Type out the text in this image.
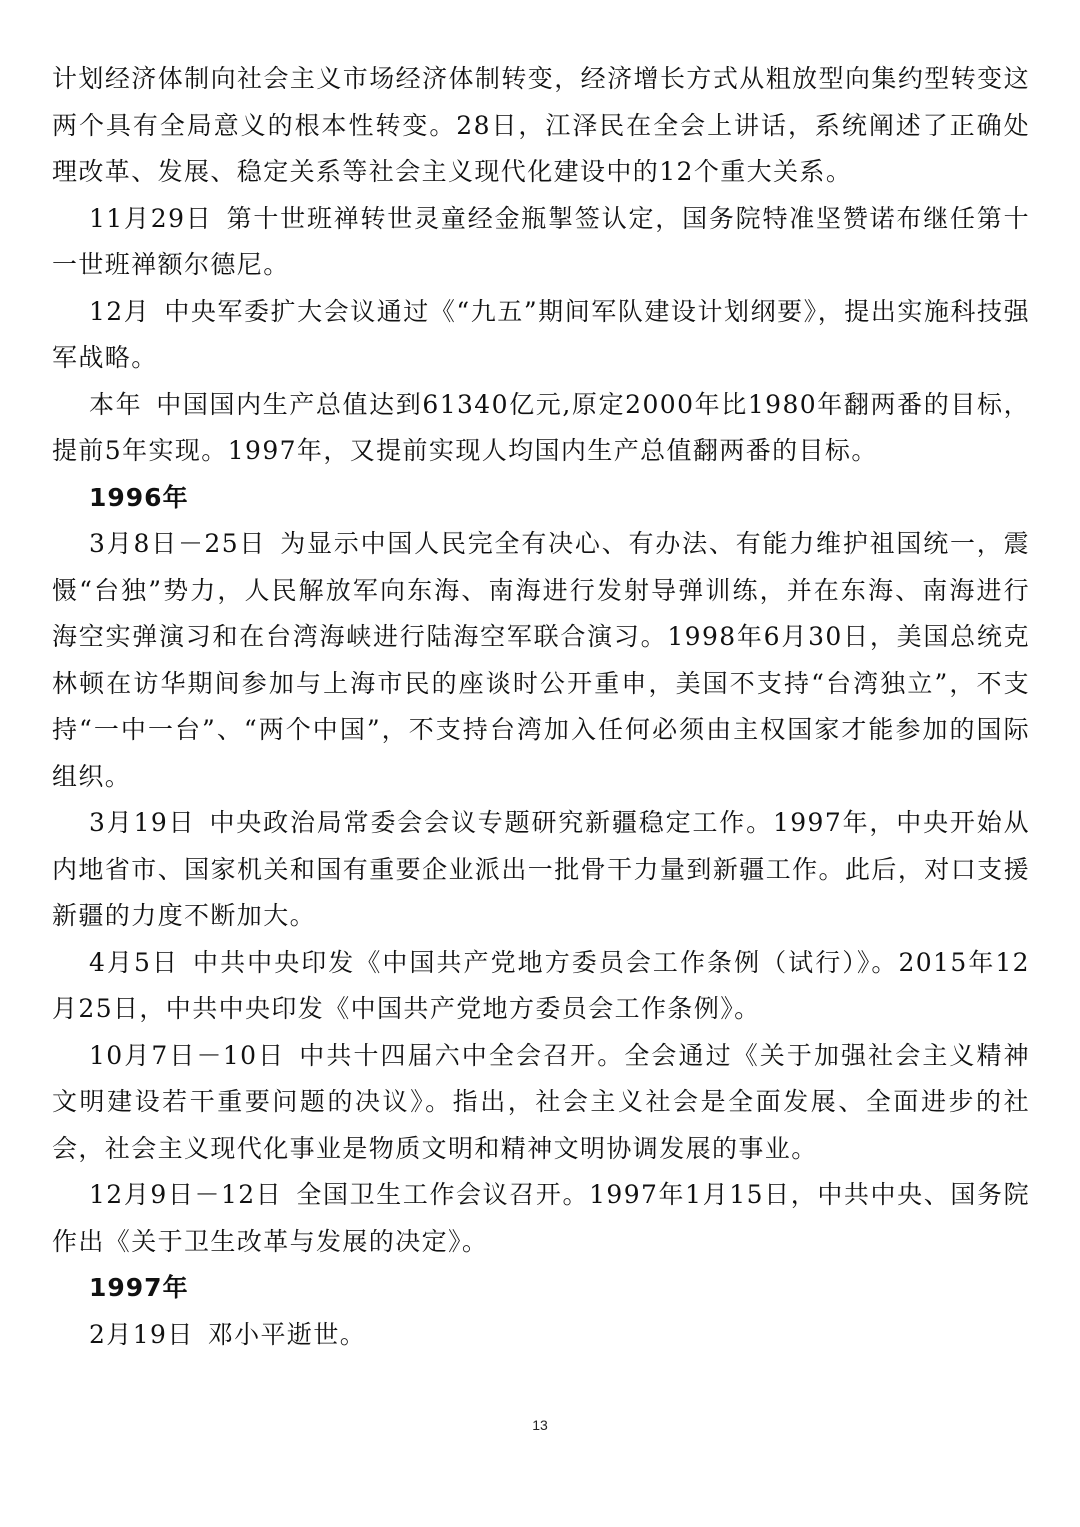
计划经济体制向社会主义市场经济体制转变，经济增长方式从粗放型向集约型转变这两个具有全局意义的根本性转变。28日，江泽民在全会上讲话，系统阐述了正确处理改革、发展、稳定关系等社会主义现代化建设中的12个重大关系。

11月29日 第十世班禅转世灵童经金瓶掣签认定，国务院特准坚赞诺布继任第十一世班禅额尔德尼。

12月 中央军委扩大会议通过《“九五”期间军队建设计划纲要》，提出实施科技强军战略。

本年 中国国内生产总值达到61340亿元,原定2000年比1980年翻两番的目标，提前5年实现。1997年，又提前实现人均国内生产总值翻两番的目标。

1996年

3月8日－25日 为显示中国人民完全有决心、有办法、有能力维护祖国统一，震慑“台独”势力，人民解放军向东海、南海进行发射导弹训练，并在东海、南海进行海空实弹演习和在台湾海峡进行陆海空军联合演习。1998年6月30日，美国总统克林顿在访华期间参加与上海市民的座谈时公开重申，美国不支持“台湾独立”，不支持“一中一台”、“两个中国”，不支持台湾加入任何必须由主权国家才能参加的国际组织。

3月19日 中央政治局常委会会议专题研究新疆稳定工作。1997年，中央开始从内地省市、国家机关和国有重要企业派出一批骨干力量到新疆工作。此后，对口支援新疆的力度不断加大。

4月5日 中共中央印发《中国共产党地方委员会工作条例（试行）》。2015年12月25日，中共中央印发《中国共产党地方委员会工作条例》。

10月7日－10日 中共十四届六中全会召开。全会通过《关于加强社会主义精神文明建设若干重要问题的决议》。指出，社会主义社会是全面发展、全面进步的社会，社会主义现代化事业是物质文明和精神文明协调发展的事业。

12月9日－12日 全国卫生工作会议召开。1997年1月15日，中共中央、国务院作出《关于卫生改革与发展的决定》。

1997年

2月19日 邓小平逝世。

13
